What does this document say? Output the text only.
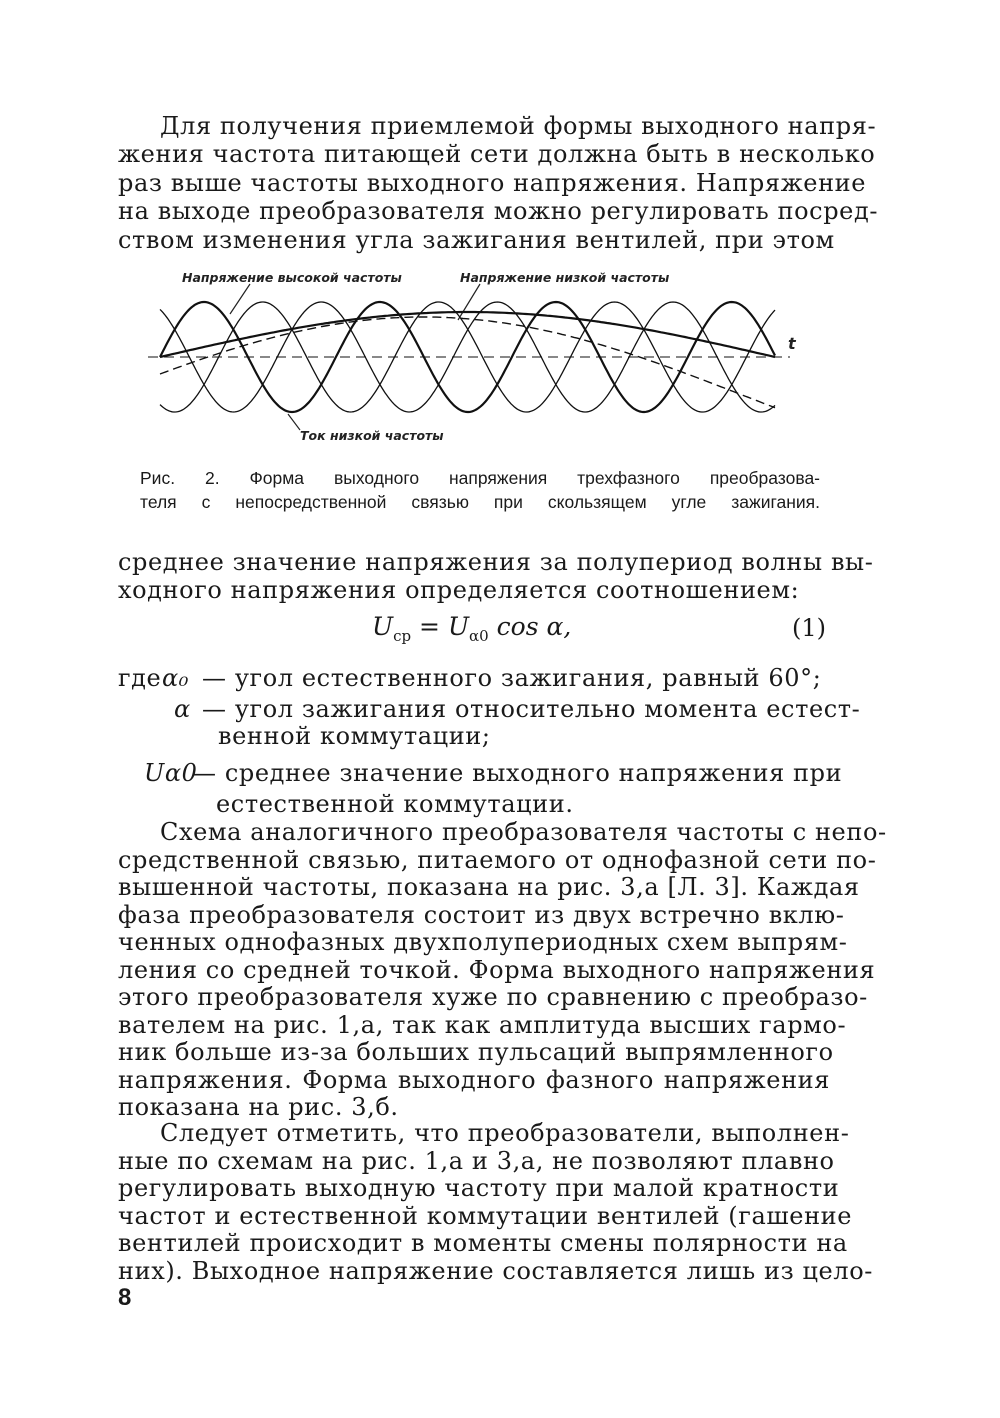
Для получения приемлемой формы выходного напря-
жения частота питающей сети должна быть в несколько
раз выше частоты выходного напряжения. Напряжение
на выходе преобразователя можно регулировать посред-
ством изменения угла зажигания вентилей, при этом
Напряжение высокой частоты	Напряжение низкой частоты
Ток низкой частоты
t
Рис. 2. Форма выходного напряжения трехфазного преобразова-
теля с непосредственной связью при скользящем угле зажигания.
среднее значение напряжения за полупериод волны вы-
ходного напряжения определяется соотношением:
$U_{ср} = U_{\alpha 0}$ cos α,	(1)
где α₀ — угол естественного зажигания, равный 60°;
α — угол зажигания относительно момента естест-
венной коммутации;
Uα0
— среднее значение выходного напряжения при
естественной коммутации.
Схема аналогичного преобразователя частоты с непо-
средственной связью, питаемого от однофазной сети по-
вышенной частоты, показана на рис. 3,а [Л. 3]. Каждая
фаза преобразователя состоит из двух встречно вклю-
ченных однофазных двухполупериодных схем выпрям-
ления со средней точкой. Форма выходного напряжения
этого преобразователя хуже по сравнению с преобразо-
вателем на рис. 1,а, так как амплитуда высших гармо-
ник больше из-за больших пульсаций выпрямленного
напряжения. Форма выходного фазного напряжения
показана на рис. 3,б.
Следует отметить, что преобразователи, выполнен-
ные по схемам на рис. 1,а и 3,а, не позволяют плавно
регулировать выходную частоту при малой кратности
частот и естественной коммутации вентилей (гашение
вентилей происходит в моменты смены полярности на
них). Выходное напряжение составляется лишь из цело-
8
